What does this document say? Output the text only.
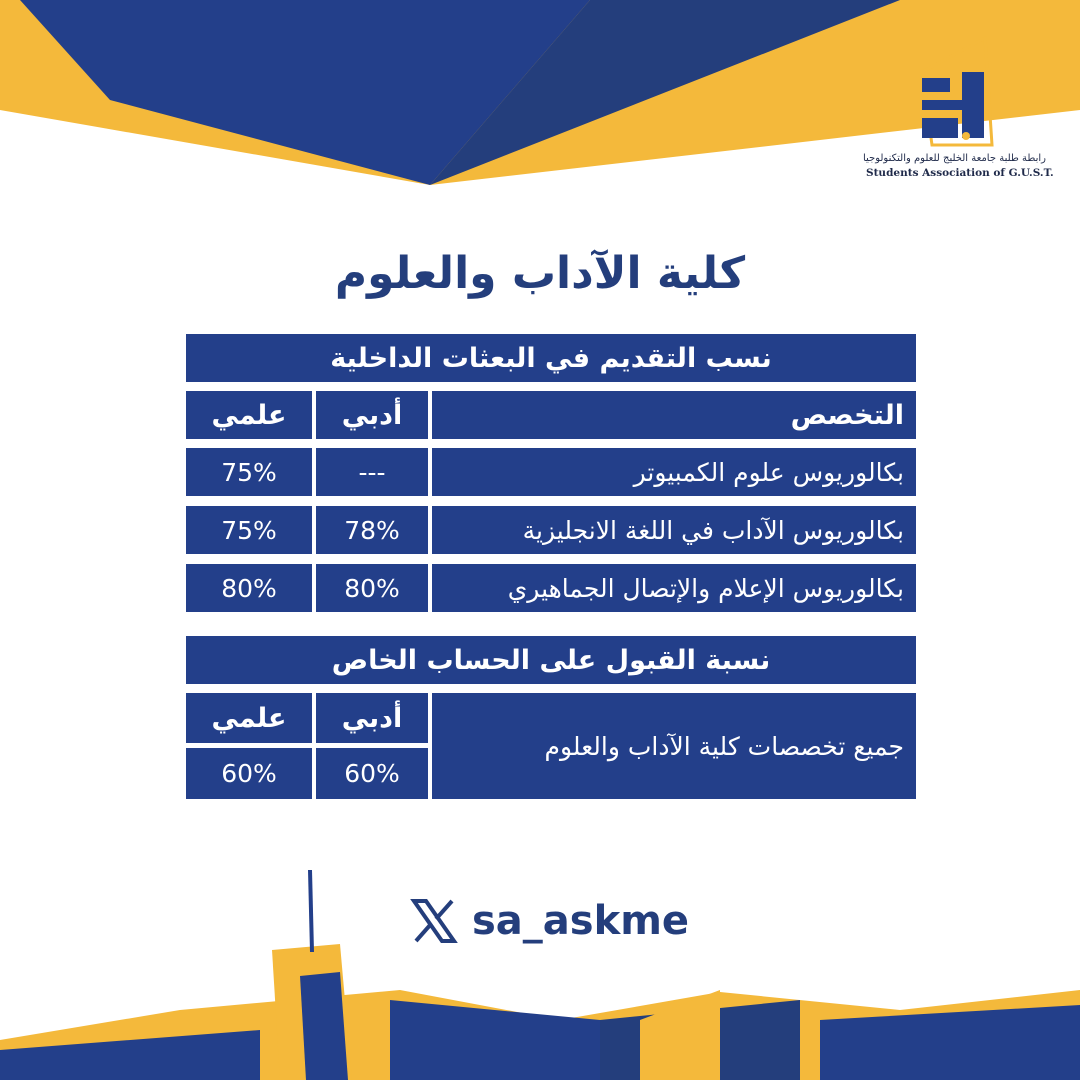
رابطة طلبة جامعة الخليج للعلوم والتكنولوجيا
Students Association of G.U.S.T.
كلية الآداب والعلوم
نسب التقديم في البعثات الداخلية
التخصص
أدبي
علمي
بكالوريوس علوم الكمبيوتر
---
75%
بكالوريوس الآداب في اللغة الانجليزية
78%
75%
بكالوريوس الإعلام والإتصال الجماهيري
80%
80%
نسبة القبول على الحساب الخاص
جميع تخصصات كلية الآداب والعلوم
أدبي
علمي
60%
60%
sa_askme
